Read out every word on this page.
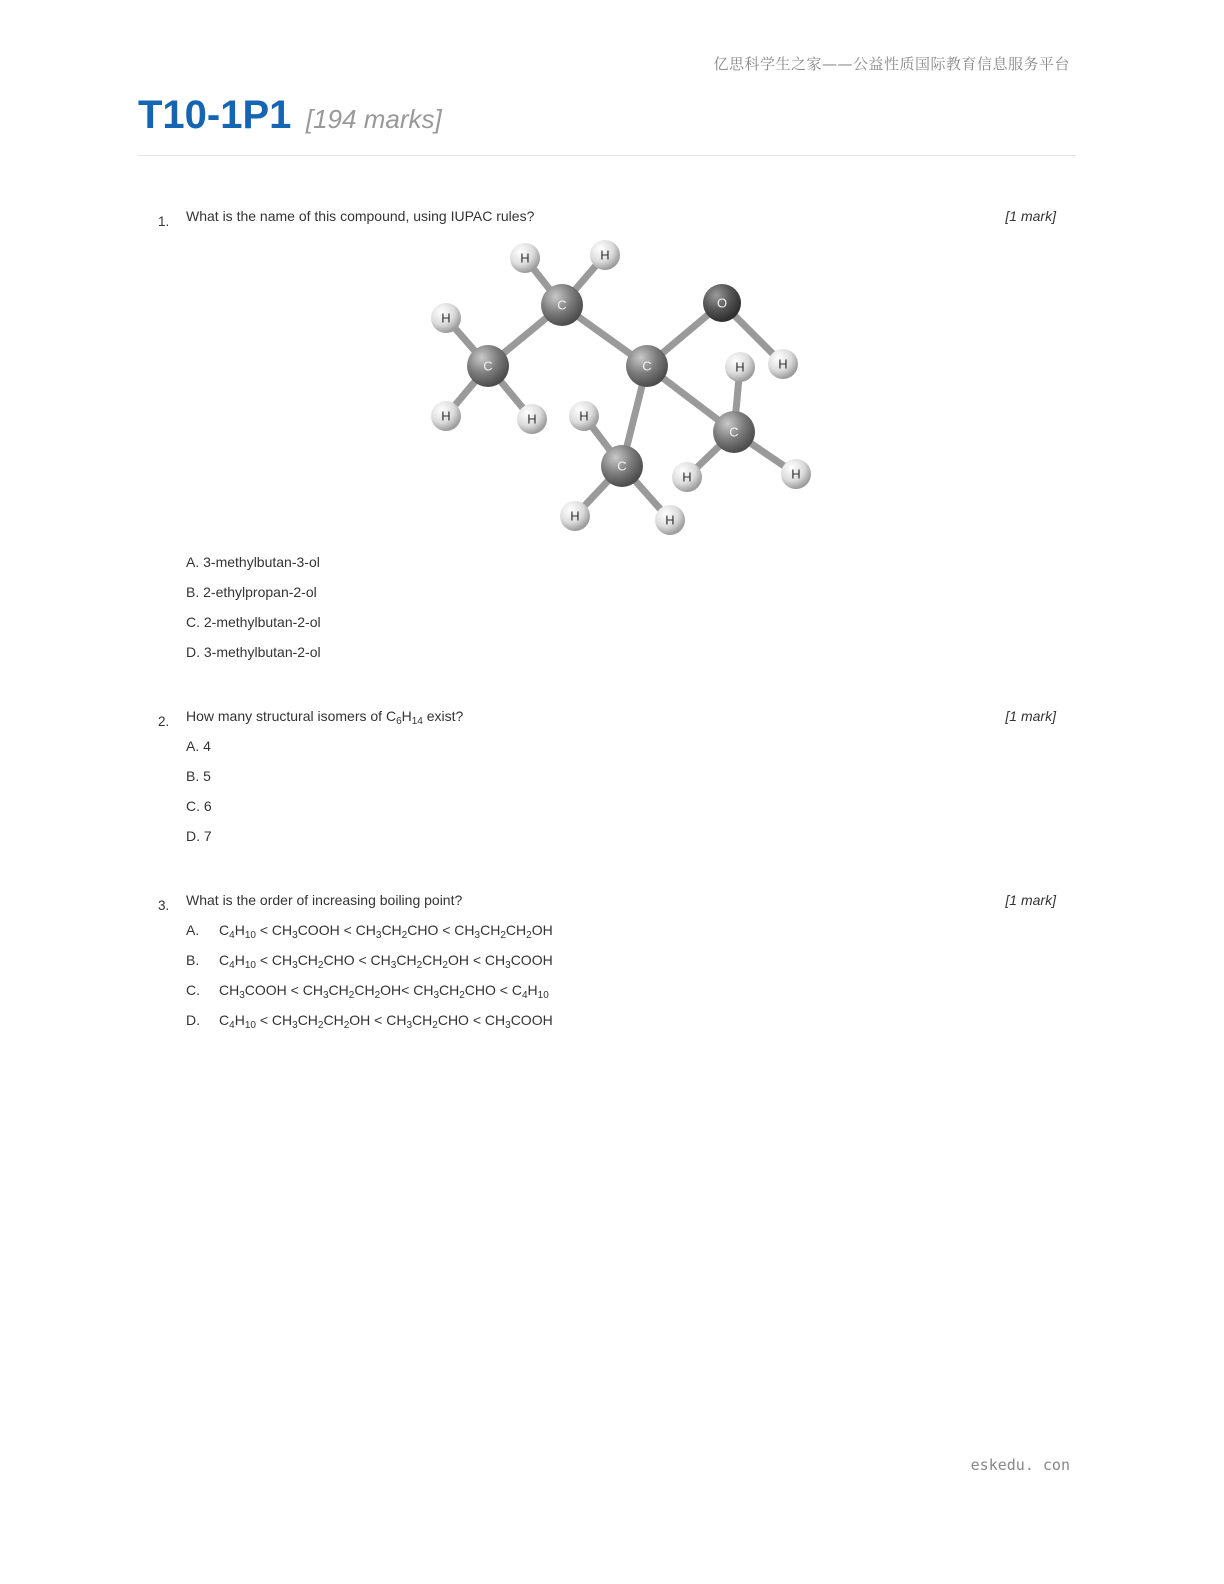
亿思科学生之家——公益性质国际教育信息服务平台
T10-1P1 [194 marks]
1. What is the name of this compound, using IUPAC rules?	[1 mark]
A. 3-methylbutan-3-ol
B. 2-ethylpropan-2-ol
C. 2-methylbutan-2-ol
D. 3-methylbutan-2-ol
H	H
H
H	H
H
H
H
H	H
H	H
O
C
C
C
C
C
2. How many structural isomers of $C_6H_{14}$ exist?	[1 mark]
A. 4
B. 5
C. 6
D. 7
3. What is the order of increasing boiling point?	[1 mark]
A. $C_4H_{10}$ < $CH_3COOH < CH_3CH_2CHO < CH_3CH_2CH_2OH$
B. $C_4H_{10} < CH_3CH_2CHO < CH_3CH_2CH_2OH$ < $CH_3COOH$
C. $CH_3COOH < CH_3CH_2CH_2OH< CH_3CH_2CHO < C_4H_{10}$
D. $C_4H_{10} < CH_3CH_2CH_2OH < CH_3CH_2CHO$ < $CH_3COOH$
eskedu. con
